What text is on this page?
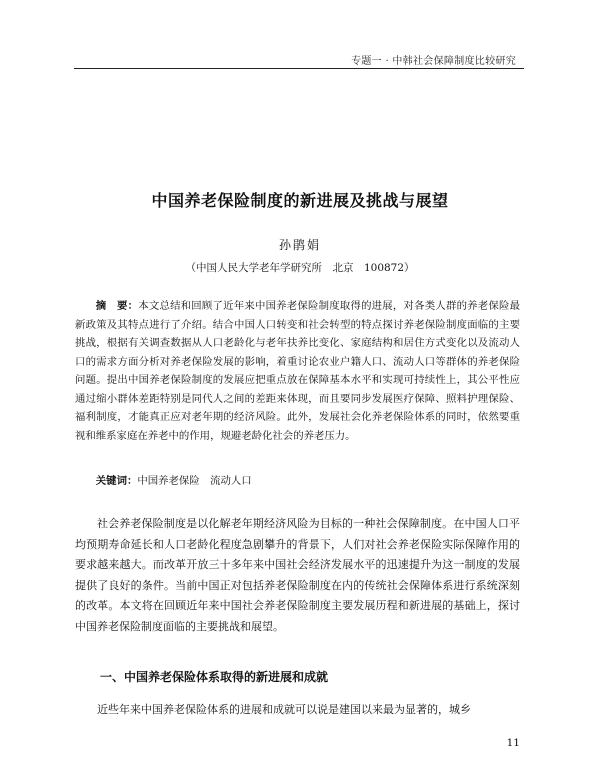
专题一 · 中韩社会保障制度比较研究
中国养老保险制度的新进展及挑战与展望
孙鹃娟
（中国人民大学老年学研究所　北京　100872）

摘　要：本文总结和回顾了近年来中国养老保险制度取得的进展，对各类人群的养老保险最新政策及其特点进行了介绍。结合中国人口转变和社会转型的特点探讨养老保险制度面临的主要挑战，根据有关调查数据从人口老龄化与老年扶养比变化、家庭结构和居住方式变化以及流动人口的需求方面分析对养老保险发展的影响，着重讨论农业户籍人口、流动人口等群体的养老保险问题。提出中国养老保险制度的发展应把重点放在保障基本水平和实现可持续性上，其公平性应通过缩小群体差距特别是同代人之间的差距来体现，而且要同步发展医疗保障、照料护理保险、福利制度，才能真正应对老年期的经济风险。此外，发展社会化养老保险体系的同时，依然要重视和维系家庭在养老中的作用，规避老龄化社会的养老压力。

关键词：中国养老保险　流动人口

社会养老保险制度是以化解老年期经济风险为目标的一种社会保障制度。在中国人口平均预期寿命延长和人口老龄化程度急剧攀升的背景下，人们对社会养老保险实际保障作用的要求越来越大。而改革开放三十多年来中国社会经济发展水平的迅速提升为这一制度的发展提供了良好的条件。当前中国正对包括养老保险制度在内的传统社会保障体系进行系统深刻的改革。本文将在回顾近年来中国社会养老保险制度主要发展历程和新进展的基础上，探讨中国养老保险制度面临的主要挑战和展望。

一、中国养老保险体系取得的新进展和成就

近些年来中国养老保险体系的进展和成就可以说是建国以来最为显著的，城乡

11
